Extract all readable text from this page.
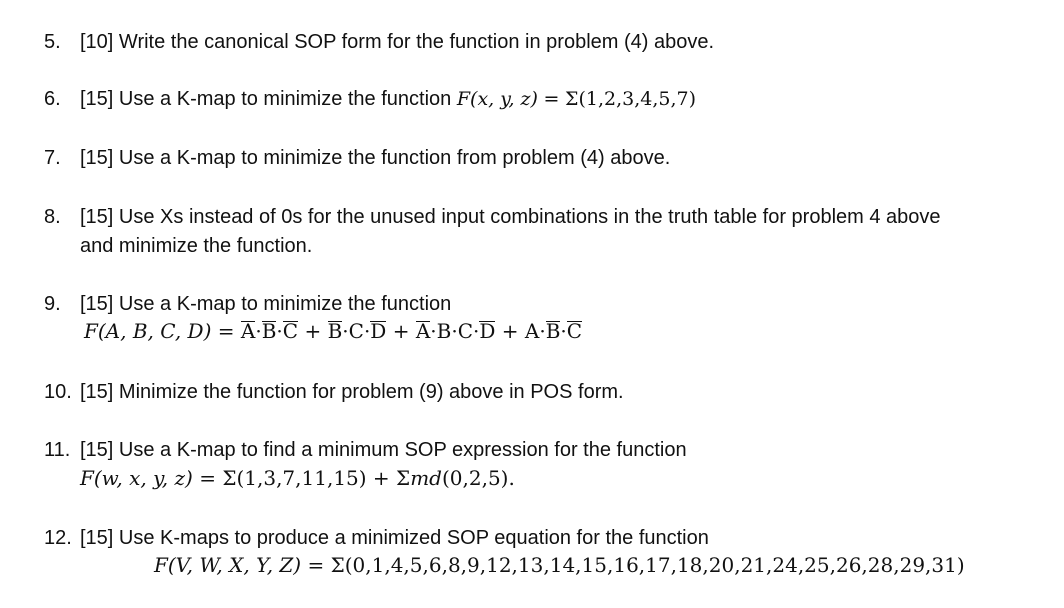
5. [10] Write the canonical SOP form for the function in problem (4) above.
6. [15] Use a K-map to minimize the function F(x, y, z) = Σ(1,2,3,4,5,7)
7. [15] Use a K-map to minimize the function from problem (4) above.
8. [15] Use Xs instead of 0s for the unused input combinations in the truth table for problem 4 above
and minimize the function.
9. [15] Use a K-map to minimize the function
F(A, B, C, D) = A·B·C + B·C·D + A·B·C·D + A·B·C
10. [15] Minimize the function for problem (9) above in POS form.
11. [15] Use a K-map to find a minimum SOP expression for the function
F(w, x, y, z) = Σ(1,3,7,11,15) + Σmd(0,2,5).
12. [15] Use K-maps to produce a minimized SOP equation for the function
F(V, W, X, Y, Z) = Σ(0,1,4,5,6,8,9,12,13,14,15,16,17,18,20,21,24,25,26,28,29,31)
